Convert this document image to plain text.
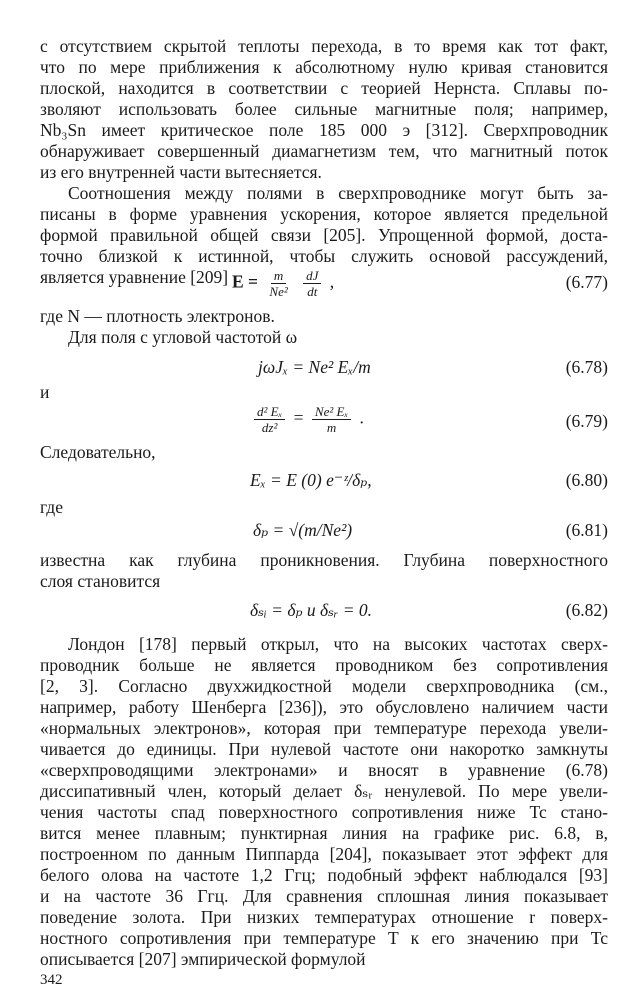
с отсутствием скрытой теплоты перехода, в то время как тот факт,
что по мере приближения к абсолютному нулю кривая становится
плоской, находится в соответствии с теорией Нернста. Сплавы по-
зволяют использовать более сильные магнитные поля; например,
Nb₃Sn имеет критическое поле 185 000 э [312]. Сверхпроводник
обнаруживает совершенный диамагнетизм тем, что магнитный поток
из его внутренней части вытесняется.
Соотношения между полями в сверхпроводнике могут быть за-
писаны в форме уравнения ускорения, которое является предельной
формой правильной общей связи [205]. Упрощенной формой, доста-
точно близкой к истинной, чтобы служить основой рассуждений,
является уравнение [209] $E = \frac{m}{\text{Ne²}}$
$\frac{dJ}{dt}$ ,	(6.77)
где N — плотность электронов.
Для поля с угловой частотой ω
jωJₓ = Ne² Eₓ/m	(6.78)
и
$\frac{\text{d² Eₓ}}{\text{dz²}} = \frac{\text{Ne² Eₓ}}{m}$ .	(6.79)
Следовательно,
Eₓ = E (0) e⁻ᶻ/δₚ,	(6.80)
где
δₚ = √(m/Ne²)	(6.81)
известна как глубина проникновения. Глубина поверхностного
слоя становится
δₛᵢ = δₚ и δₛᵣ = 0.	(6.82)
Лондон [178] первый открыл, что на высоких частотах сверх-
проводник больше не является проводником без сопротивления
[2, 3]. Согласно двухжидкостной модели сверхпроводника (см.,
например, работу Шенберга [236]), это обусловлено наличием части
«нормальных электронов», которая при температуре перехода увели-
чивается до единицы. При нулевой частоте они накоротко замкнуты
«сверхпроводящими электронами» и вносят в уравнение (6.78)
диссипативный член, который делает δₛᵣ ненулевой. По мере увели-
чения частоты спад поверхностного сопротивления ниже Tc стано-
вится менее плавным; пунктирная линия на графике рис. 6.8, в,
построенном по данным Пиппарда [204], показывает этот эффект для
белого олова на частоте 1,2 Ггц; подобный эффект наблюдался [93]
и на частоте 36 Ггц. Для сравнения сплошная линия показывает
поведение золота. При низких температурах отношение r поверх-
ностного сопротивления при температуре T к его значению при Tc
описывается [207] эмпирической формулой
342
